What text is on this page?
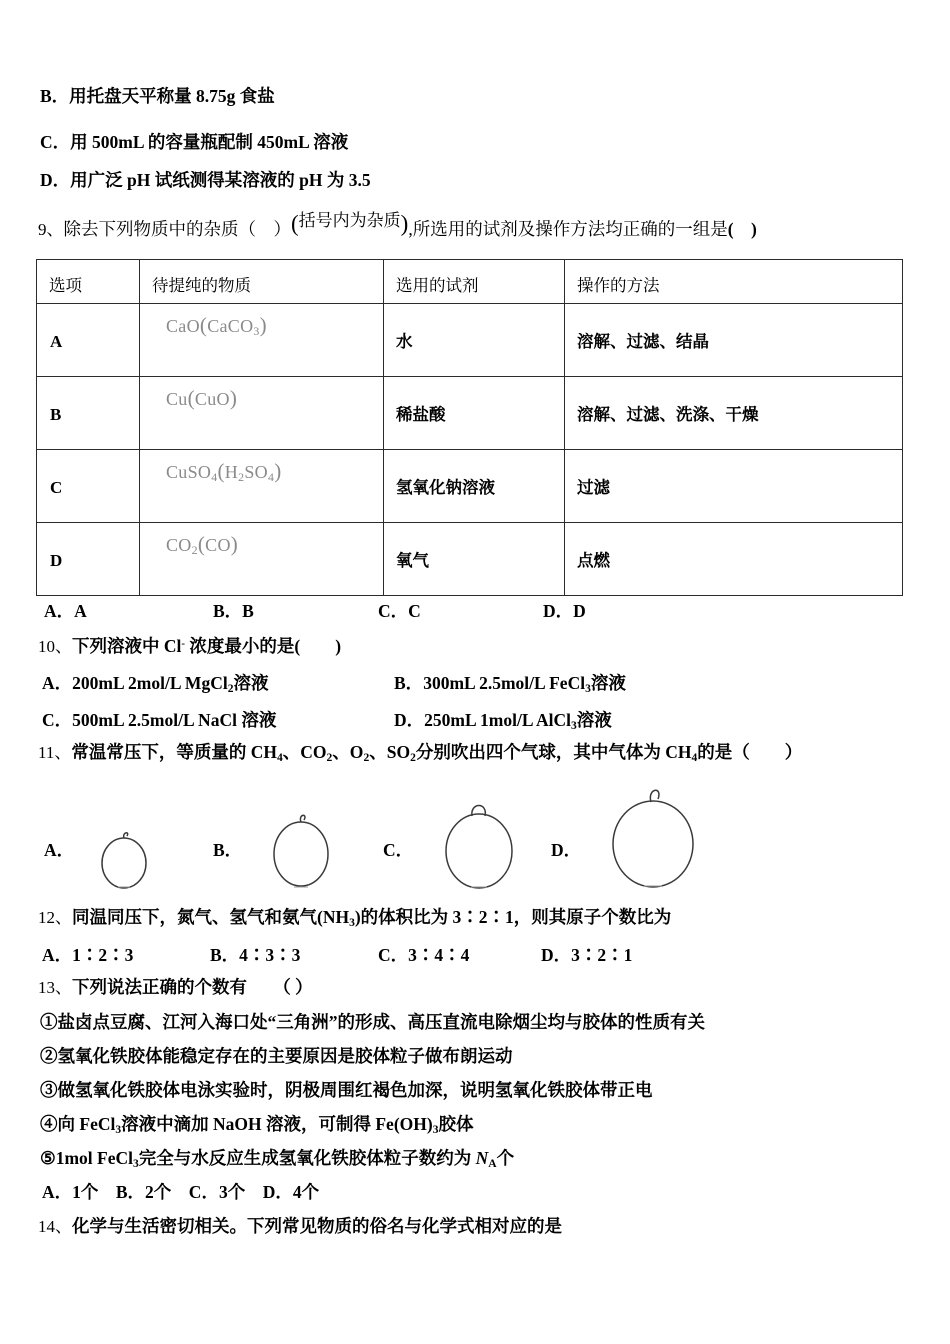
B．用托盘天平称量 8.75g 食盐
C．用 500mL 的容量瓶配制 450mL 溶液
D．用广泛 pH 试纸测得某溶液的 pH 为 3.5
9、除去下列物质中的杂质（　）(括号内为杂质),所选用的试剂及操作方法均正确的一组是(　)
选项	待提纯的物质	选用的试剂	操作的方法

A	CaO(CaCO$_3$)	水	溶解、过滤、结晶

B	Cu(CuO)	稀盐酸	溶解、过滤、洗涤、干燥

C	$CuSO_4(H_2SO_4)$	氢氧化钠溶液	过滤

D	$CO_2(CO)$	氧气	点燃
A．A	B．B	C．C	D．D
10、下列溶液中 Cl- 浓度最小的是(　　)
A．200mL 2mol/L MgCl$_2$溶液	B．300mL 2.5mol/L FeCl$_3$溶液
C．500mL 2.5mol/L NaCl 溶液	D．250mL 1mol/L AlCl$_3$溶液
11、常温常压下，等质量的 $CH_4$、$CO_2$、$O_2$、$SO_2$分别吹出四个气球，其中气体为 $CH_4$的是（　　）
A．	B．	C．	D．
12、同温同压下，氮气、氢气和氨气$(NH_3)$的体积比为 3∶2∶1，则其原子个数比为
A．1∶2∶3	B．4∶3∶3	C．3∶4∶4	D．3∶2∶1
13、下列说法正确的个数有　　（ ）
①盐卤点豆腐、江河入海口处“三角洲”的形成、高压直流电除烟尘均与胶体的性质有关
②氢氧化铁胶体能稳定存在的主要原因是胶体粒子做布朗运动
③做氢氧化铁胶体电泳实验时，阴极周围红褐色加深，说明氢氧化铁胶体带正电
④向 FeCl$_3$溶液中滴加 NaOH 溶液，可制得 $Fe(OH)_3$胶体
⑤1mol FeCl$_3$完全与水反应生成氢氧化铁胶体粒子数约为 $N_A$个
A．1个　B．2个　C．3个　D．4个
14、化学与生活密切相关。下列常见物质的俗名与化学式相对应的是
